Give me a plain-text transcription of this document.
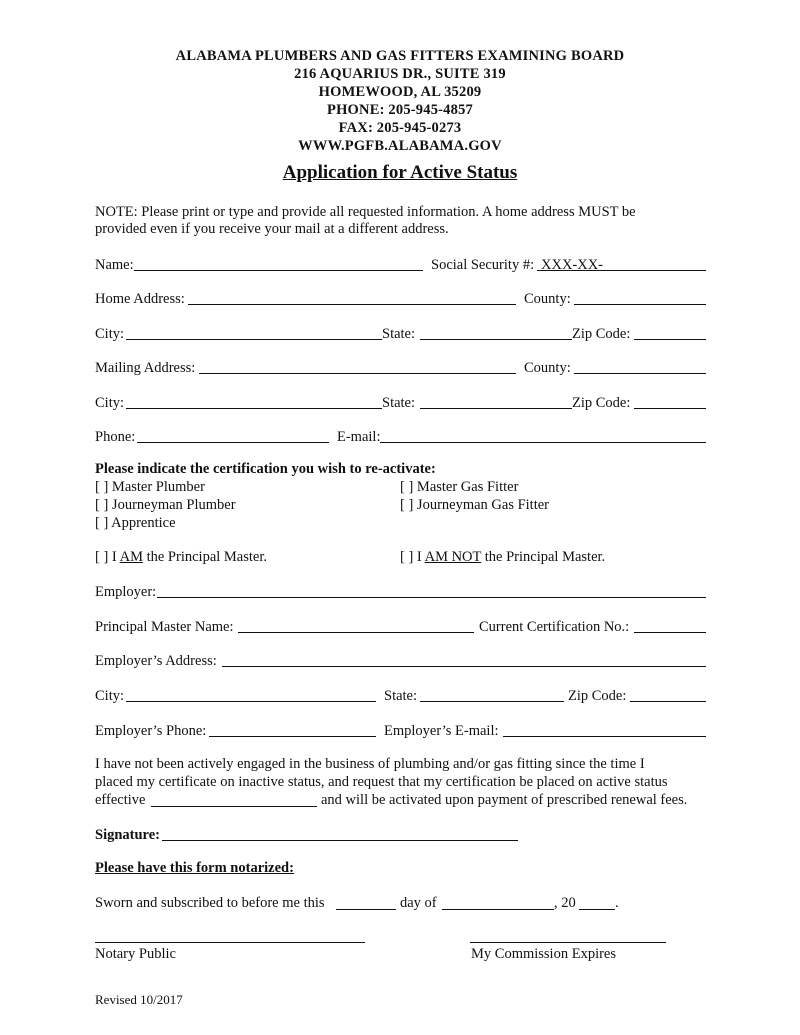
ALABAMA PLUMBERS AND GAS FITTERS EXAMINING BOARD
216 AQUARIUS DR., SUITE 319
HOMEWOOD, AL 35209
PHONE: 205-945-4857
FAX: 205-945-0273
WWW.PGFB.ALABAMA.GOV
Application for Active Status
NOTE: Please print or type and provide all requested information. A home address MUST be
provided even if you receive your mail at a different address.
Name:	Social Security #: XXX-XX-
Home Address:	County:
City:	State:	Zip Code:
Mailing Address:	County:
City:	State:	Zip Code:
Phone:	E-mail:
Please indicate the certification you wish to re-activate:
[ ] Master Plumber
[ ] Journeyman Plumber
[ ] Apprentice
[ ] Master Gas Fitter
[ ] Journeyman Gas Fitter
[ ] I AM the Principal Master.	[ ] I AM NOT the Principal Master.
Employer:
Principal Master Name:	Current Certification No.:
Employer’s Address:
City:	State:	Zip Code:
Employer’s Phone:	Employer’s E-mail:
I have not been actively engaged in the business of plumbing and/or gas fitting since the time I
placed my certificate on inactive status, and request that my certification be placed on active status
effective	and will be activated upon payment of prescribed renewal fees.
Signature:
Please have this form notarized:
Sworn and subscribed to before me this	day of	, 20	.
Notary Public	My Commission Expires
Revised 10/2017
